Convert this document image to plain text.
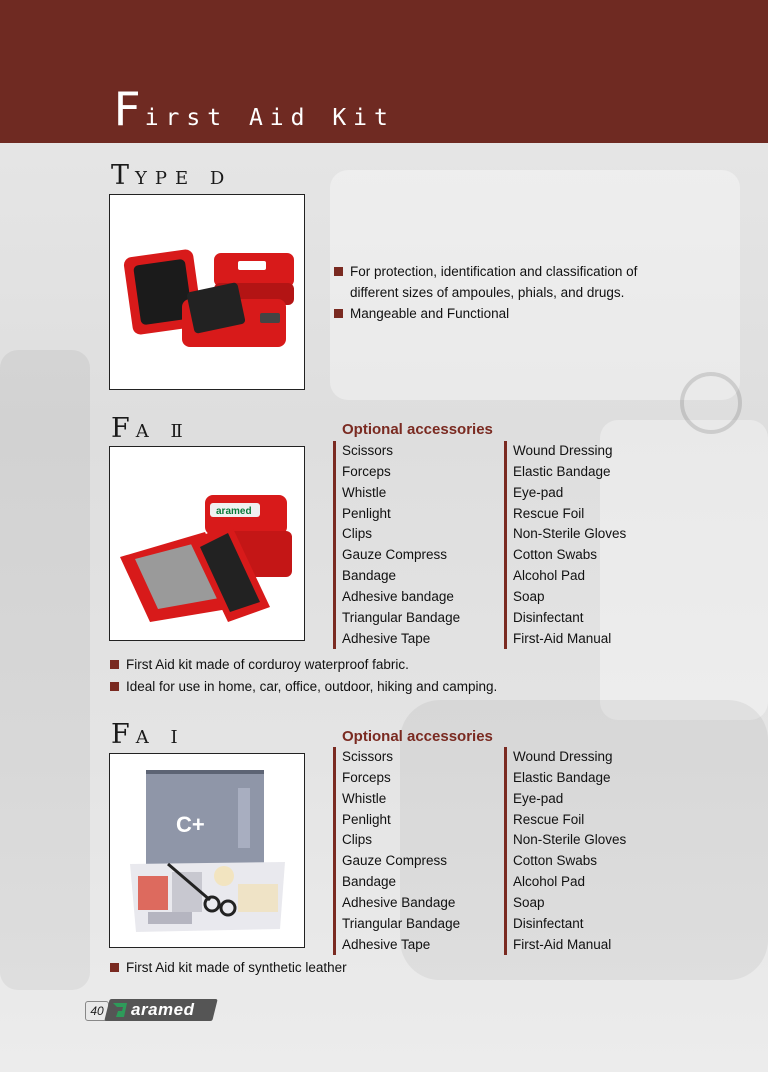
First Aid Kit
TYPE D
For protection, identification and classification of
different sizes of ampoules, phials, and drugs.
Mangeable and Functional
FA Ⅱ
aramed
Optional accessories
Scissors
Forceps
Whistle
Penlight
Clips
Gauze Compress
Bandage
Adhesive bandage
Triangular Bandage
Adhesive Tape
Wound Dressing
Elastic Bandage
Eye-pad
Rescue Foil
Non-Sterile Gloves
Cotton Swabs
Alcohol Pad
Soap
Disinfectant
First-Aid Manual
First Aid kit made of corduroy waterproof fabric.
Ideal for use in home, car, office, outdoor, hiking and camping.
FA I
C+
Optional accessories
Scissors
Forceps
Whistle
Penlight
Clips
Gauze Compress
Bandage
Adhesive Bandage
Triangular Bandage
Adhesive Tape
Wound Dressing
Elastic Bandage
Eye-pad
Rescue Foil
Non-Sterile Gloves
Cotton Swabs
Alcohol Pad
Soap
Disinfectant
First-Aid Manual
First Aid kit made of synthetic leather
40	aramed
